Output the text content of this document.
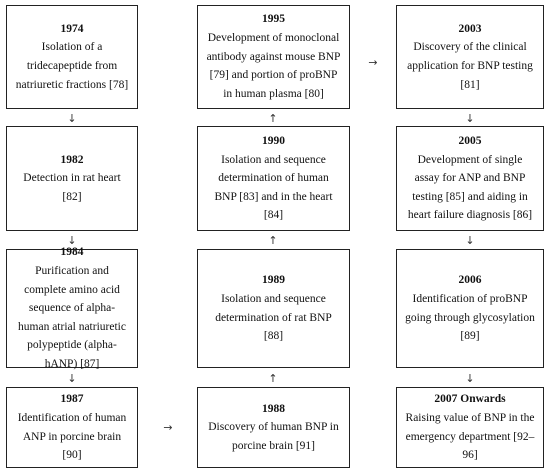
1974
Isolation of a tridecapeptide from natriuretic fractions [78]
1982
Detection in rat heart [82]
1984
Purification and complete amino acid sequence of alpha-human atrial natriuretic polypeptide (alpha-hANP) [87]
1987
Identification of human ANP in porcine brain [90]
1995
Development of monoclonal antibody against mouse BNP [79] and portion of proBNP in human plasma [80]
1990
Isolation and sequence determination of human BNP [83] and in the heart [84]
1989
Isolation and sequence determination of rat BNP [88]
1988
Discovery of human BNP in porcine brain [91]
2003
Discovery of the clinical application for BNP testing [81]
2005
Development of single assay for ANP and BNP testing [85] and aiding in heart failure diagnosis [86]
2006
Identification of proBNP going through glycosylation [89]
2007 Onwards
Raising value of BNP in the emergency department [92–96]
↓
↓
↓
→
↑
↑
↑
→
↓
↓
↓
